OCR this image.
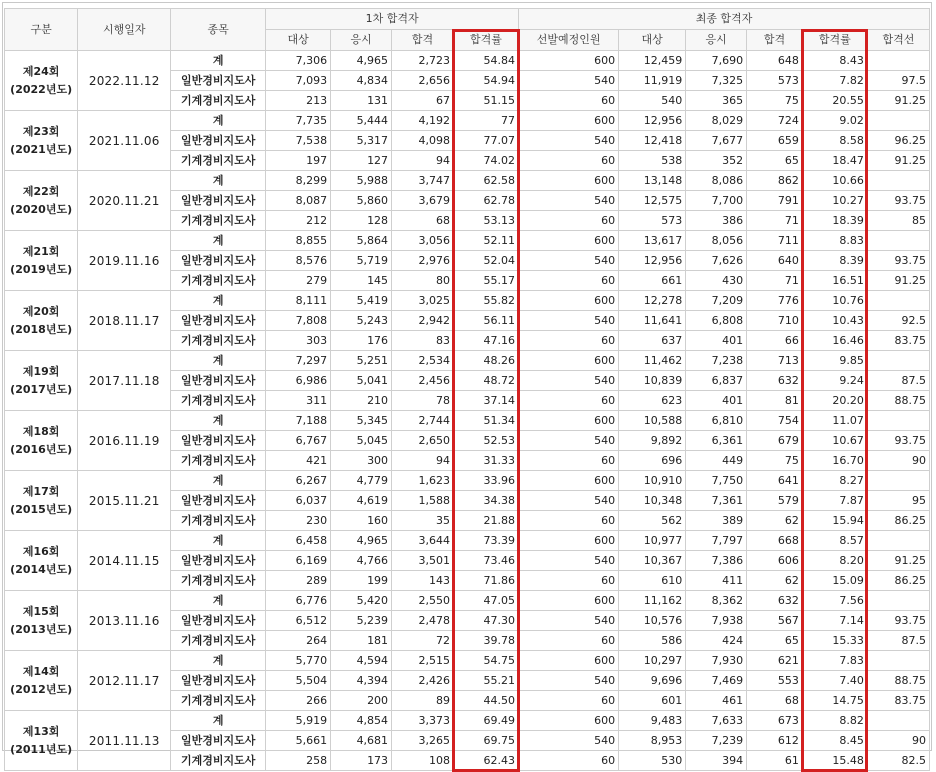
구분	시행일자	종목	1차 합격자				최종 합격자					
			대상	응시	합격	합격률	선발예정인원	대상	응시	합격	합격률	합격선

제24회
(2022년도)	2022.11.12	계	7,306	4,965	2,723	54.84	600	12,459	7,690	648	8.43	
		일반경비지도사	7,093	4,834	2,656	54.94	540	11,919	7,325	573	7.82	97.5
		기계경비지도사	213	131	67	51.15	60	540	365	75	20.55	91.25

제23회
(2021년도)	2021.11.06	계	7,735	5,444	4,192	77	600	12,956	8,029	724	9.02	
		일반경비지도사	7,538	5,317	4,098	77.07	540	12,418	7,677	659	8.58	96.25
		기계경비지도사	197	127	94	74.02	60	538	352	65	18.47	91.25

제22회
(2020년도)	2020.11.21	계	8,299	5,988	3,747	62.58	600	13,148	8,086	862	10.66	
		일반경비지도사	8,087	5,860	3,679	62.78	540	12,575	7,700	791	10.27	93.75
		기계경비지도사	212	128	68	53.13	60	573	386	71	18.39	85

제21회
(2019년도)	2019.11.16	계	8,855	5,864	3,056	52.11	600	13,617	8,056	711	8.83	
		일반경비지도사	8,576	5,719	2,976	52.04	540	12,956	7,626	640	8.39	93.75
		기계경비지도사	279	145	80	55.17	60	661	430	71	16.51	91.25

제20회
(2018년도)	2018.11.17	계	8,111	5,419	3,025	55.82	600	12,278	7,209	776	10.76	
		일반경비지도사	7,808	5,243	2,942	56.11	540	11,641	6,808	710	10.43	92.5
		기계경비지도사	303	176	83	47.16	60	637	401	66	16.46	83.75

제19회
(2017년도)	2017.11.18	계	7,297	5,251	2,534	48.26	600	11,462	7,238	713	9.85	
		일반경비지도사	6,986	5,041	2,456	48.72	540	10,839	6,837	632	9.24	87.5
		기계경비지도사	311	210	78	37.14	60	623	401	81	20.20	88.75

제18회
(2016년도)	2016.11.19	계	7,188	5,345	2,744	51.34	600	10,588	6,810	754	11.07	
		일반경비지도사	6,767	5,045	2,650	52.53	540	9,892	6,361	679	10.67	93.75
		기계경비지도사	421	300	94	31.33	60	696	449	75	16.70	90

제17회
(2015년도)	2015.11.21	계	6,267	4,779	1,623	33.96	600	10,910	7,750	641	8.27	
		일반경비지도사	6,037	4,619	1,588	34.38	540	10,348	7,361	579	7.87	95
		기계경비지도사	230	160	35	21.88	60	562	389	62	15.94	86.25

제16회
(2014년도)	2014.11.15	계	6,458	4,965	3,644	73.39	600	10,977	7,797	668	8.57	
		일반경비지도사	6,169	4,766	3,501	73.46	540	10,367	7,386	606	8.20	91.25
		기계경비지도사	289	199	143	71.86	60	610	411	62	15.09	86.25

제15회
(2013년도)	2013.11.16	계	6,776	5,420	2,550	47.05	600	11,162	8,362	632	7.56	
		일반경비지도사	6,512	5,239	2,478	47.30	540	10,576	7,938	567	7.14	93.75
		기계경비지도사	264	181	72	39.78	60	586	424	65	15.33	87.5

제14회
(2012년도)	2012.11.17	계	5,770	4,594	2,515	54.75	600	10,297	7,930	621	7.83	
		일반경비지도사	5,504	4,394	2,426	55.21	540	9,696	7,469	553	7.40	88.75
		기계경비지도사	266	200	89	44.50	60	601	461	68	14.75	83.75

제13회
(2011년도)	2011.11.13	계	5,919	4,854	3,373	69.49	600	9,483	7,633	673	8.82	
		일반경비지도사	5,661	4,681	3,265	69.75	540	8,953	7,239	612	8.45	90
		기계경비지도사	258	173	108	62.43	60	530	394	61	15.48	82.5
